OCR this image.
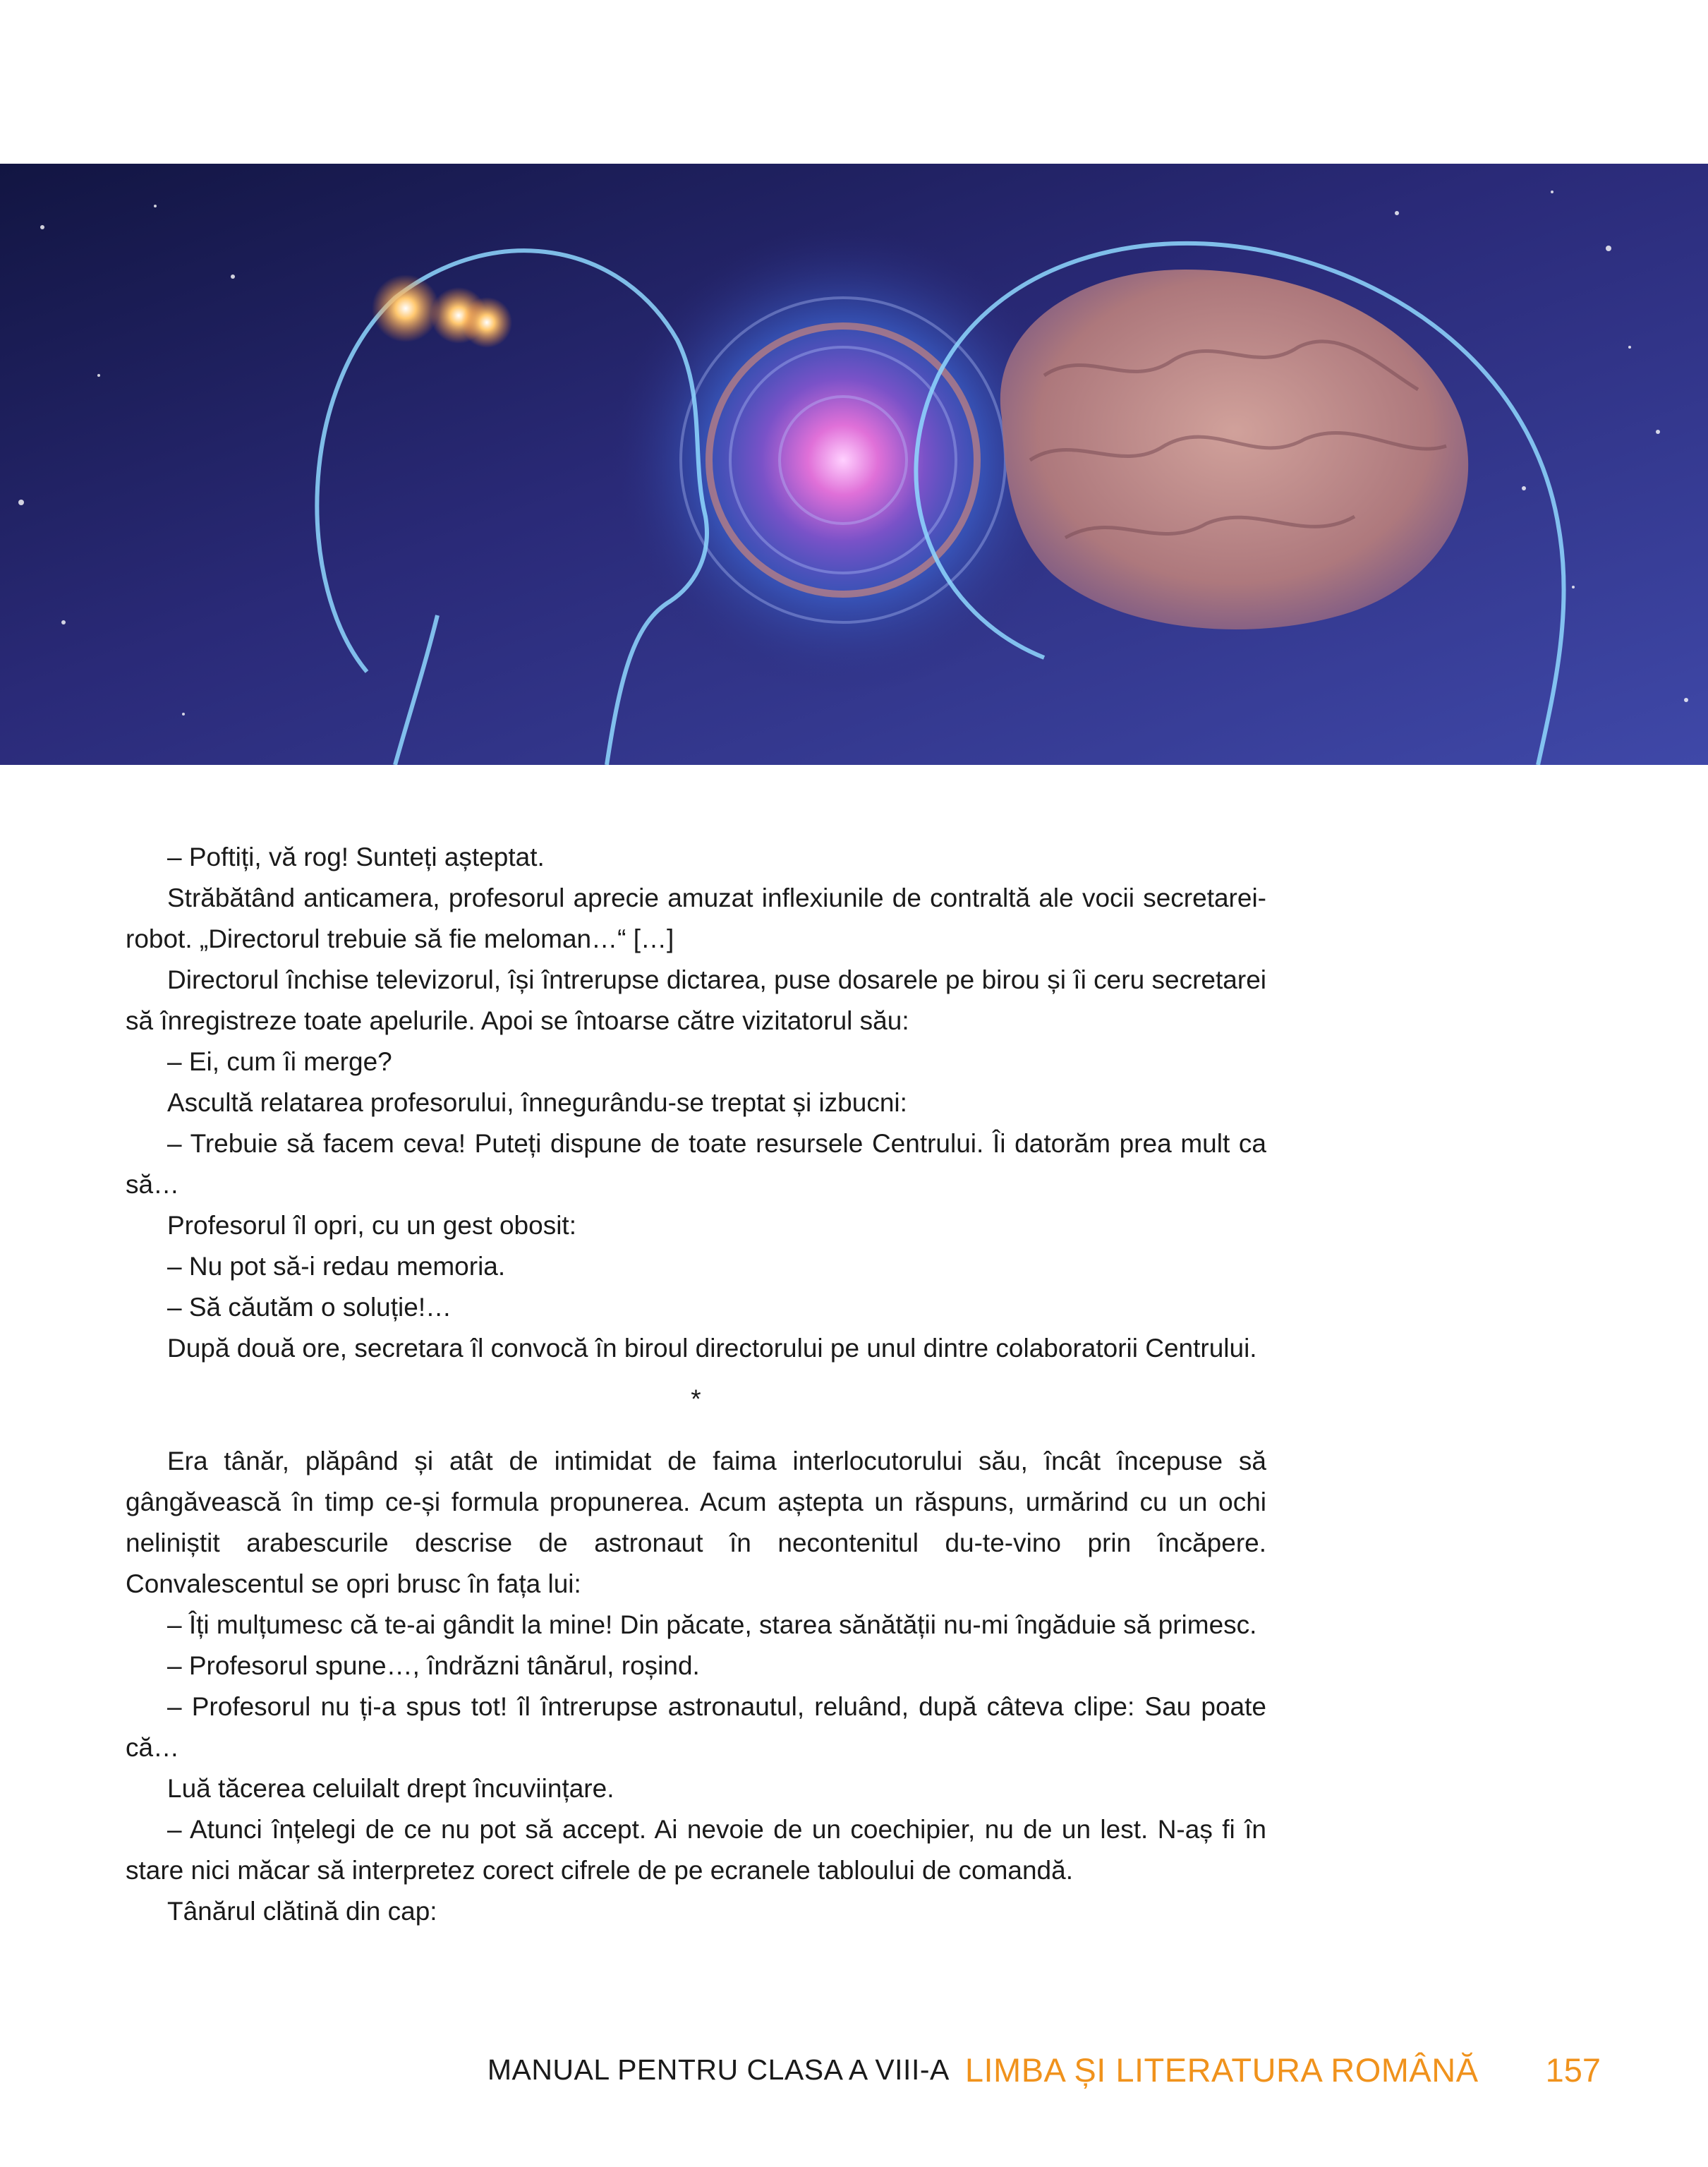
– Poftiți, vă rog! Sunteți așteptat.

Străbătând anticamera, profesorul aprecie amuzat inflexiunile de contraltă ale vocii secretarei-robot. „Directorul trebuie să fie meloman…“ […]

Directorul închise televizorul, își întrerupse dictarea, puse dosarele pe birou și îi ceru secretarei să înregistreze toate apelurile. Apoi se întoarse către vizitatorul său:

– Ei, cum îi merge?

Ascultă relatarea profesorului, înnegurându-se treptat și izbucni:

– Trebuie să facem ceva! Puteți dispune de toate resursele Centrului. Îi datorăm prea mult ca să…

Profesorul îl opri, cu un gest obosit:

– Nu pot să-i redau memoria.

– Să căutăm o soluție!…

După două ore, secretara îl convocă în biroul directorului pe unul dintre colaboratorii Centrului.

*

Era tânăr, plăpând și atât de intimidat de faima interlocutorului său, încât începuse să gângăvească în timp ce-și formula propunerea. Acum aștepta un răspuns, urmărind cu un ochi neliniștit arabescurile descrise de astronaut în necontenitul du-te-vino prin încăpere. Convalescentul se opri brusc în fața lui:

– Îți mulțumesc că te-ai gândit la mine! Din păcate, starea sănătății nu-mi îngăduie să primesc.

– Profesorul spune…, îndrăzni tânărul, roșind.

– Profesorul nu ți-a spus tot! îl întrerupse astronautul, reluând, după câteva clipe: Sau poate că…

Luă tăcerea celuilalt drept încuviințare.

– Atunci înțelegi de ce nu pot să accept. Ai nevoie de un coechipier, nu de un lest. N-aș fi în stare nici măcar să interpretez corect cifrele de pe ecranele tabloului de comandă.

Tânărul clătină din cap:

MANUAL PENTRU CLASA A VIII-A LIMBA ȘI LITERATURA ROMÂNĂ 157
